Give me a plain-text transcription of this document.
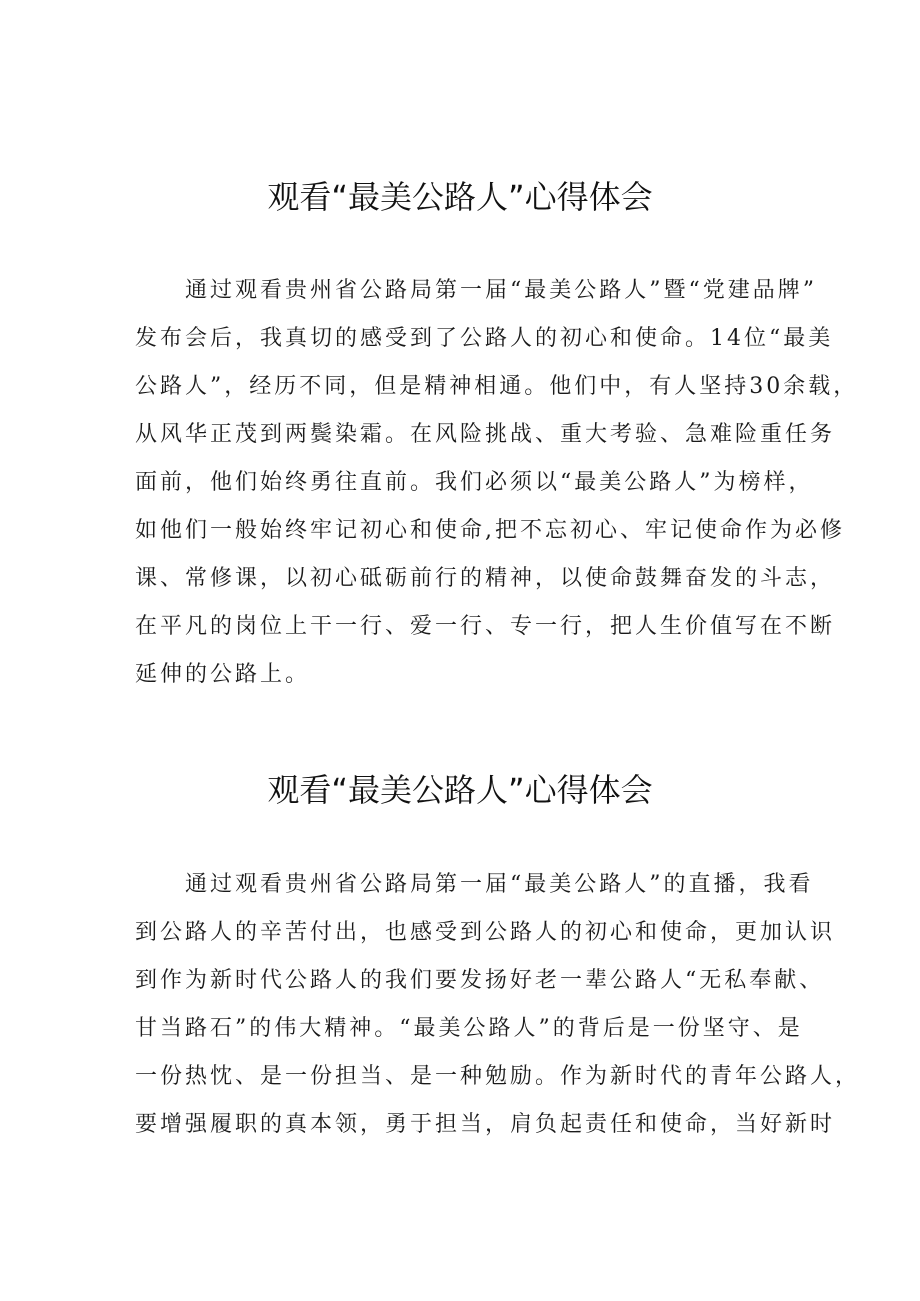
观看“最美公路人”心得体会

通过观看贵州省公路局第一届“最美公路人”暨“党建品牌”

发布会后，我真切的感受到了公路人的初心和使命。14位“最美

公路人”，经历不同，但是精神相通。他们中，有人坚持30余载，

从风华正茂到两鬓染霜。在风险挑战、重大考验、急难险重任务

面前，他们始终勇往直前。我们必须以“最美公路人”为榜样，

如他们一般始终牢记初心和使命,把不忘初心、牢记使命作为必修

课、常修课，以初心砥砺前行的精神，以使命鼓舞奋发的斗志，

在平凡的岗位上干一行、爱一行、专一行，把人生价值写在不断

延伸的公路上。

观看“最美公路人”心得体会

通过观看贵州省公路局第一届“最美公路人”的直播，我看

到公路人的辛苦付出，也感受到公路人的初心和使命，更加认识

到作为新时代公路人的我们要发扬好老一辈公路人“无私奉献、

甘当路石”的伟大精神。“最美公路人”的背后是一份坚守、是

一份热忱、是一份担当、是一种勉励。作为新时代的青年公路人，

要增强履职的真本领，勇于担当，肩负起责任和使命，当好新时
